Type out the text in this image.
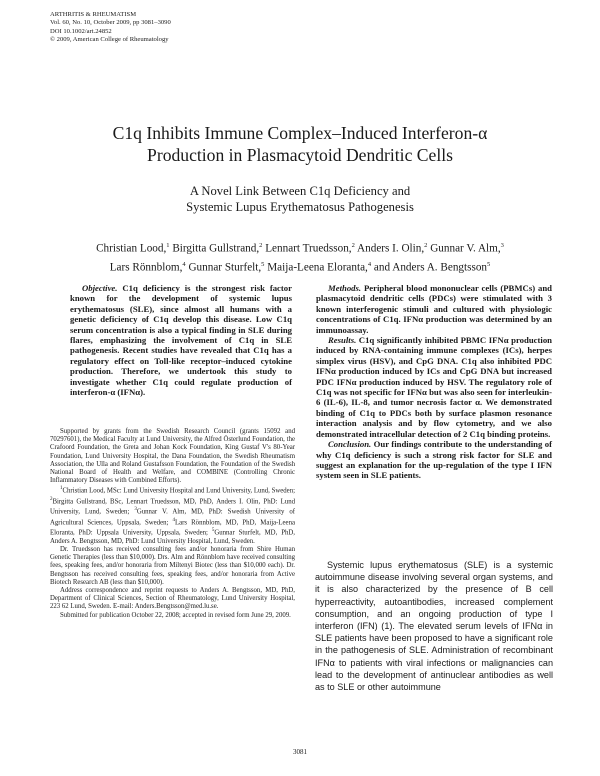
ARTHRITIS & RHEUMATISM
Vol. 60, No. 10, October 2009, pp 3081–3090
DOI 10.1002/art.24852
© 2009, American College of Rheumatology
C1q Inhibits Immune Complex–Induced Interferon-α
Production in Plasmacytoid Dendritic Cells
A Novel Link Between C1q Deficiency and
Systemic Lupus Erythematosus Pathogenesis
Christian Lood,$^1$ Birgitta Gullstrand,$^2$ Lennart Truedsson,$^2$ Anders I. Olin,$^2$ Gunnar V. Alm,$^3$
Lars Rönnblom,$^4$ Gunnar Sturfelt,$^5$ Maija-Leena Eloranta,$^4$ and Anders A. Bengtsson$^5$

Objective. C1q deficiency is the strongest risk factor known for the development of systemic lupus erythematosus (SLE), since almost all humans with a genetic deficiency of C1q develop this disease. Low C1q serum concentration is also a typical finding in SLE during flares, emphasizing the involvement of C1q in SLE pathogenesis. Recent studies have revealed that C1q has a regulatory effect on Toll-like receptor–induced cytokine production. Therefore, we undertook this study to investigate whether C1q could regulate production of interferon-α (IFNα).

Methods. Peripheral blood mononuclear cells (PBMCs) and plasmacytoid dendritic cells (PDCs) were stimulated with 3 known interferogenic stimuli and cultured with physiologic concentrations of C1q. IFNα production was determined by an immunoassay.

Results. C1q significantly inhibited PBMC IFNα production induced by RNA-containing immune complexes (ICs), herpes simplex virus (HSV), and CpG DNA. C1q also inhibited PDC IFNα production induced by ICs and CpG DNA but increased PDC IFNα production induced by HSV. The regulatory role of C1q was not specific for IFNα but was also seen for interleukin-6 (IL-6), IL-8, and tumor necrosis factor α. We demonstrated binding of C1q to PDCs both by surface plasmon resonance interaction analysis and by flow cytometry, and we also demonstrated intracellular detection of 2 C1q binding proteins.

Conclusion. Our findings contribute to the understanding of why C1q deficiency is such a strong risk factor for SLE and suggest an explanation for the up-regulation of the type I IFN system seen in SLE patients.

Supported by grants from the Swedish Research Council (grants 15092 and 70297601), the Medical Faculty at Lund University, the Alfred Österlund Foundation, the Crafoord Foundation, the Greta and Johan Kock Foundation, King Gustaf V's 80-Year Foundation, Lund University Hospital, the Dana Foundation, the Swedish Rheumatism Association, the Ulla and Roland Gustafsson Foundation, the Foundation of the Swedish National Board of Health and Welfare, and COMBINE (Controlling Chronic Inflammatory Diseases with Combined Efforts).

$^1$Christian Lood, MSc: Lund University Hospital and Lund University, Lund, Sweden; $^2$Birgitta Gullstrand, BSc, Lennart Truedsson, MD, PhD, Anders I. Olin, PhD: Lund University, Lund, Sweden; $^3$Gunnar V. Alm, MD, PhD: Swedish University of Agricultural Sciences, Uppsala, Sweden; $^4$Lars Rönnblom, MD, PhD, Maija-Leena Eloranta, PhD: Uppsala University, Uppsala, Sweden; $^5$Gunnar Sturfelt, MD, PhD, Anders A. Bengtsson, MD, PhD: Lund University Hospital, Lund, Sweden.

Dr. Truedsson has received consulting fees and/or honoraria from Shire Human Genetic Therapies (less than $10,000). Drs. Alm and Rönnblom have received consulting fees, speaking fees, and/or honoraria from Miltenyi Biotec (less than $10,000 each). Dr. Bengtsson has received consulting fees, speaking fees, and/or honoraria from Active Biotech Research AB (less than $10,000).

Address correspondence and reprint requests to Anders A. Bengtsson, MD, PhD, Department of Clinical Sciences, Section of Rheumatology, Lund University Hospital, 223 62 Lund, Sweden. E-mail: Anders.Bengtsson@med.lu.se.

Submitted for publication October 22, 2008; accepted in revised form June 29, 2009.

Systemic lupus erythematosus (SLE) is a systemic autoimmune disease involving several organ systems, and it is also characterized by the presence of B cell hyperreactivity, autoantibodies, increased complement consumption, and an ongoing production of type I interferon (IFN) (1). The elevated serum levels of IFNα in SLE patients have been proposed to have a significant role in the pathogenesis of SLE. Administration of recombinant IFNα to patients with viral infections or malignancies can lead to the development of antinuclear antibodies as well as to SLE or other autoimmune

3081
